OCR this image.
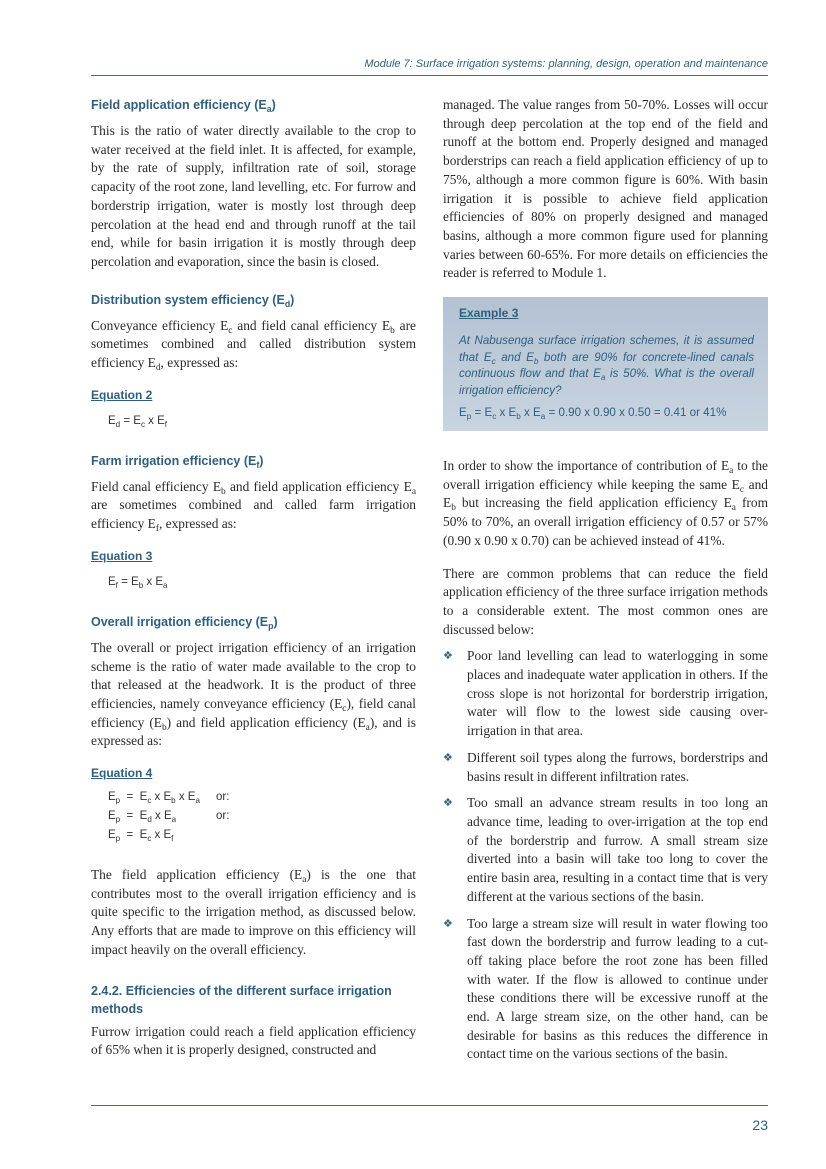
Module 7: Surface irrigation systems: planning, design, operation and maintenance
Field application efficiency $(E_a)$

This is the ratio of water directly available to the crop to water received at the field inlet. It is affected, for example, by the rate of supply, infiltration rate of soil, storage capacity of the root zone, land levelling, etc. For furrow and borderstrip irrigation, water is mostly lost through deep percolation at the head end and through runoff at the tail end, while for basin irrigation it is mostly through deep percolation and evaporation, since the basin is closed.

Distribution system efficiency $(E_d)$

Conveyance efficiency $E_c$ and field canal efficiency $E_b$ are sometimes combined and called distribution system efficiency $E_d$, expressed as:

Equation 2

$E_d = E_c$ x $E_f$

Farm irrigation efficiency $(E_f)$

Field canal efficiency $E_b$ and field application efficiency $E_a$ are sometimes combined and called farm irrigation efficiency $E_f$, expressed as:

Equation 3

$E_f = E_b$ x $E_a$

Overall irrigation efficiency $(E_p)$

The overall or project irrigation efficiency of an irrigation scheme is the ratio of water made available to the crop to that released at the headwork. It is the product of three efficiencies, namely conveyance efficiency $(E_c)$, field canal efficiency $(E_b)$ and field application efficiency $(E_a)$, and is expressed as:

Equation 4

$E_p = E_c$ x $E_b$ x $E_a$ or:

$E_p = E_d$ x $E_a$	or:

$E_p = E_c$ x $E_f$

The field application efficiency $(E_a)$ is the one that contributes most to the overall irrigation efficiency and is quite specific to the irrigation method, as discussed below. Any efforts that are made to improve on this efficiency will impact heavily on the overall efficiency.

2.4.2. Efficiencies of the different surface irrigation methods

Furrow irrigation could reach a field application efficiency of 65% when it is properly designed, constructed and

managed. The value ranges from 50-70%. Losses will occur through deep percolation at the top end of the field and runoff at the bottom end. Properly designed and managed borderstrips can reach a field application efficiency of up to 75%, although a more common figure is 60%. With basin irrigation it is possible to achieve field application efficiencies of 80% on properly designed and managed basins, although a more common figure used for planning varies between 60-65%. For more details on efficiencies the reader is referred to Module 1.

Example 3

At Nabusenga surface irrigation schemes, it is assumed that $E_c$ and $E_b$ both are 90% for concrete-lined canals continuous flow and that $E_a$ is 50%. What is the overall irrigation efficiency?

$E_p = E_c$ x $E_b$ x $E_a = 0.90$ x 0.90 x 0.50 = 0.41 or 41%

In order to show the importance of contribution of $E_a$ to the overall irrigation efficiency while keeping the same $E_c$ and $E_b$ but increasing the field application efficiency $E_a$ from 50% to 70%, an overall irrigation efficiency of 0.57 or 57% (0.90 x 0.90 x 0.70) can be achieved instead of 41%.

There are common problems that can reduce the field application efficiency of the three surface irrigation methods to a considerable extent. The most common ones are discussed below:

❖ Poor land levelling can lead to waterlogging in some places and inadequate water application in others. If the cross slope is not horizontal for borderstrip irrigation, water will flow to the lowest side causing over-irrigation in that area.

❖ Different soil types along the furrows, borderstrips and basins result in different infiltration rates.

❖ Too small an advance stream results in too long an advance time, leading to over-irrigation at the top end of the borderstrip and furrow. A small stream size diverted into a basin will take too long to cover the entire basin area, resulting in a contact time that is very different at the various sections of the basin.

❖ Too large a stream size will result in water flowing too fast down the borderstrip and furrow leading to a cut-off taking place before the root zone has been filled with water. If the flow is allowed to continue under these conditions there will be excessive runoff at the end. A large stream size, on the other hand, can be desirable for basins as this reduces the difference in contact time on the various sections of the basin.

23
